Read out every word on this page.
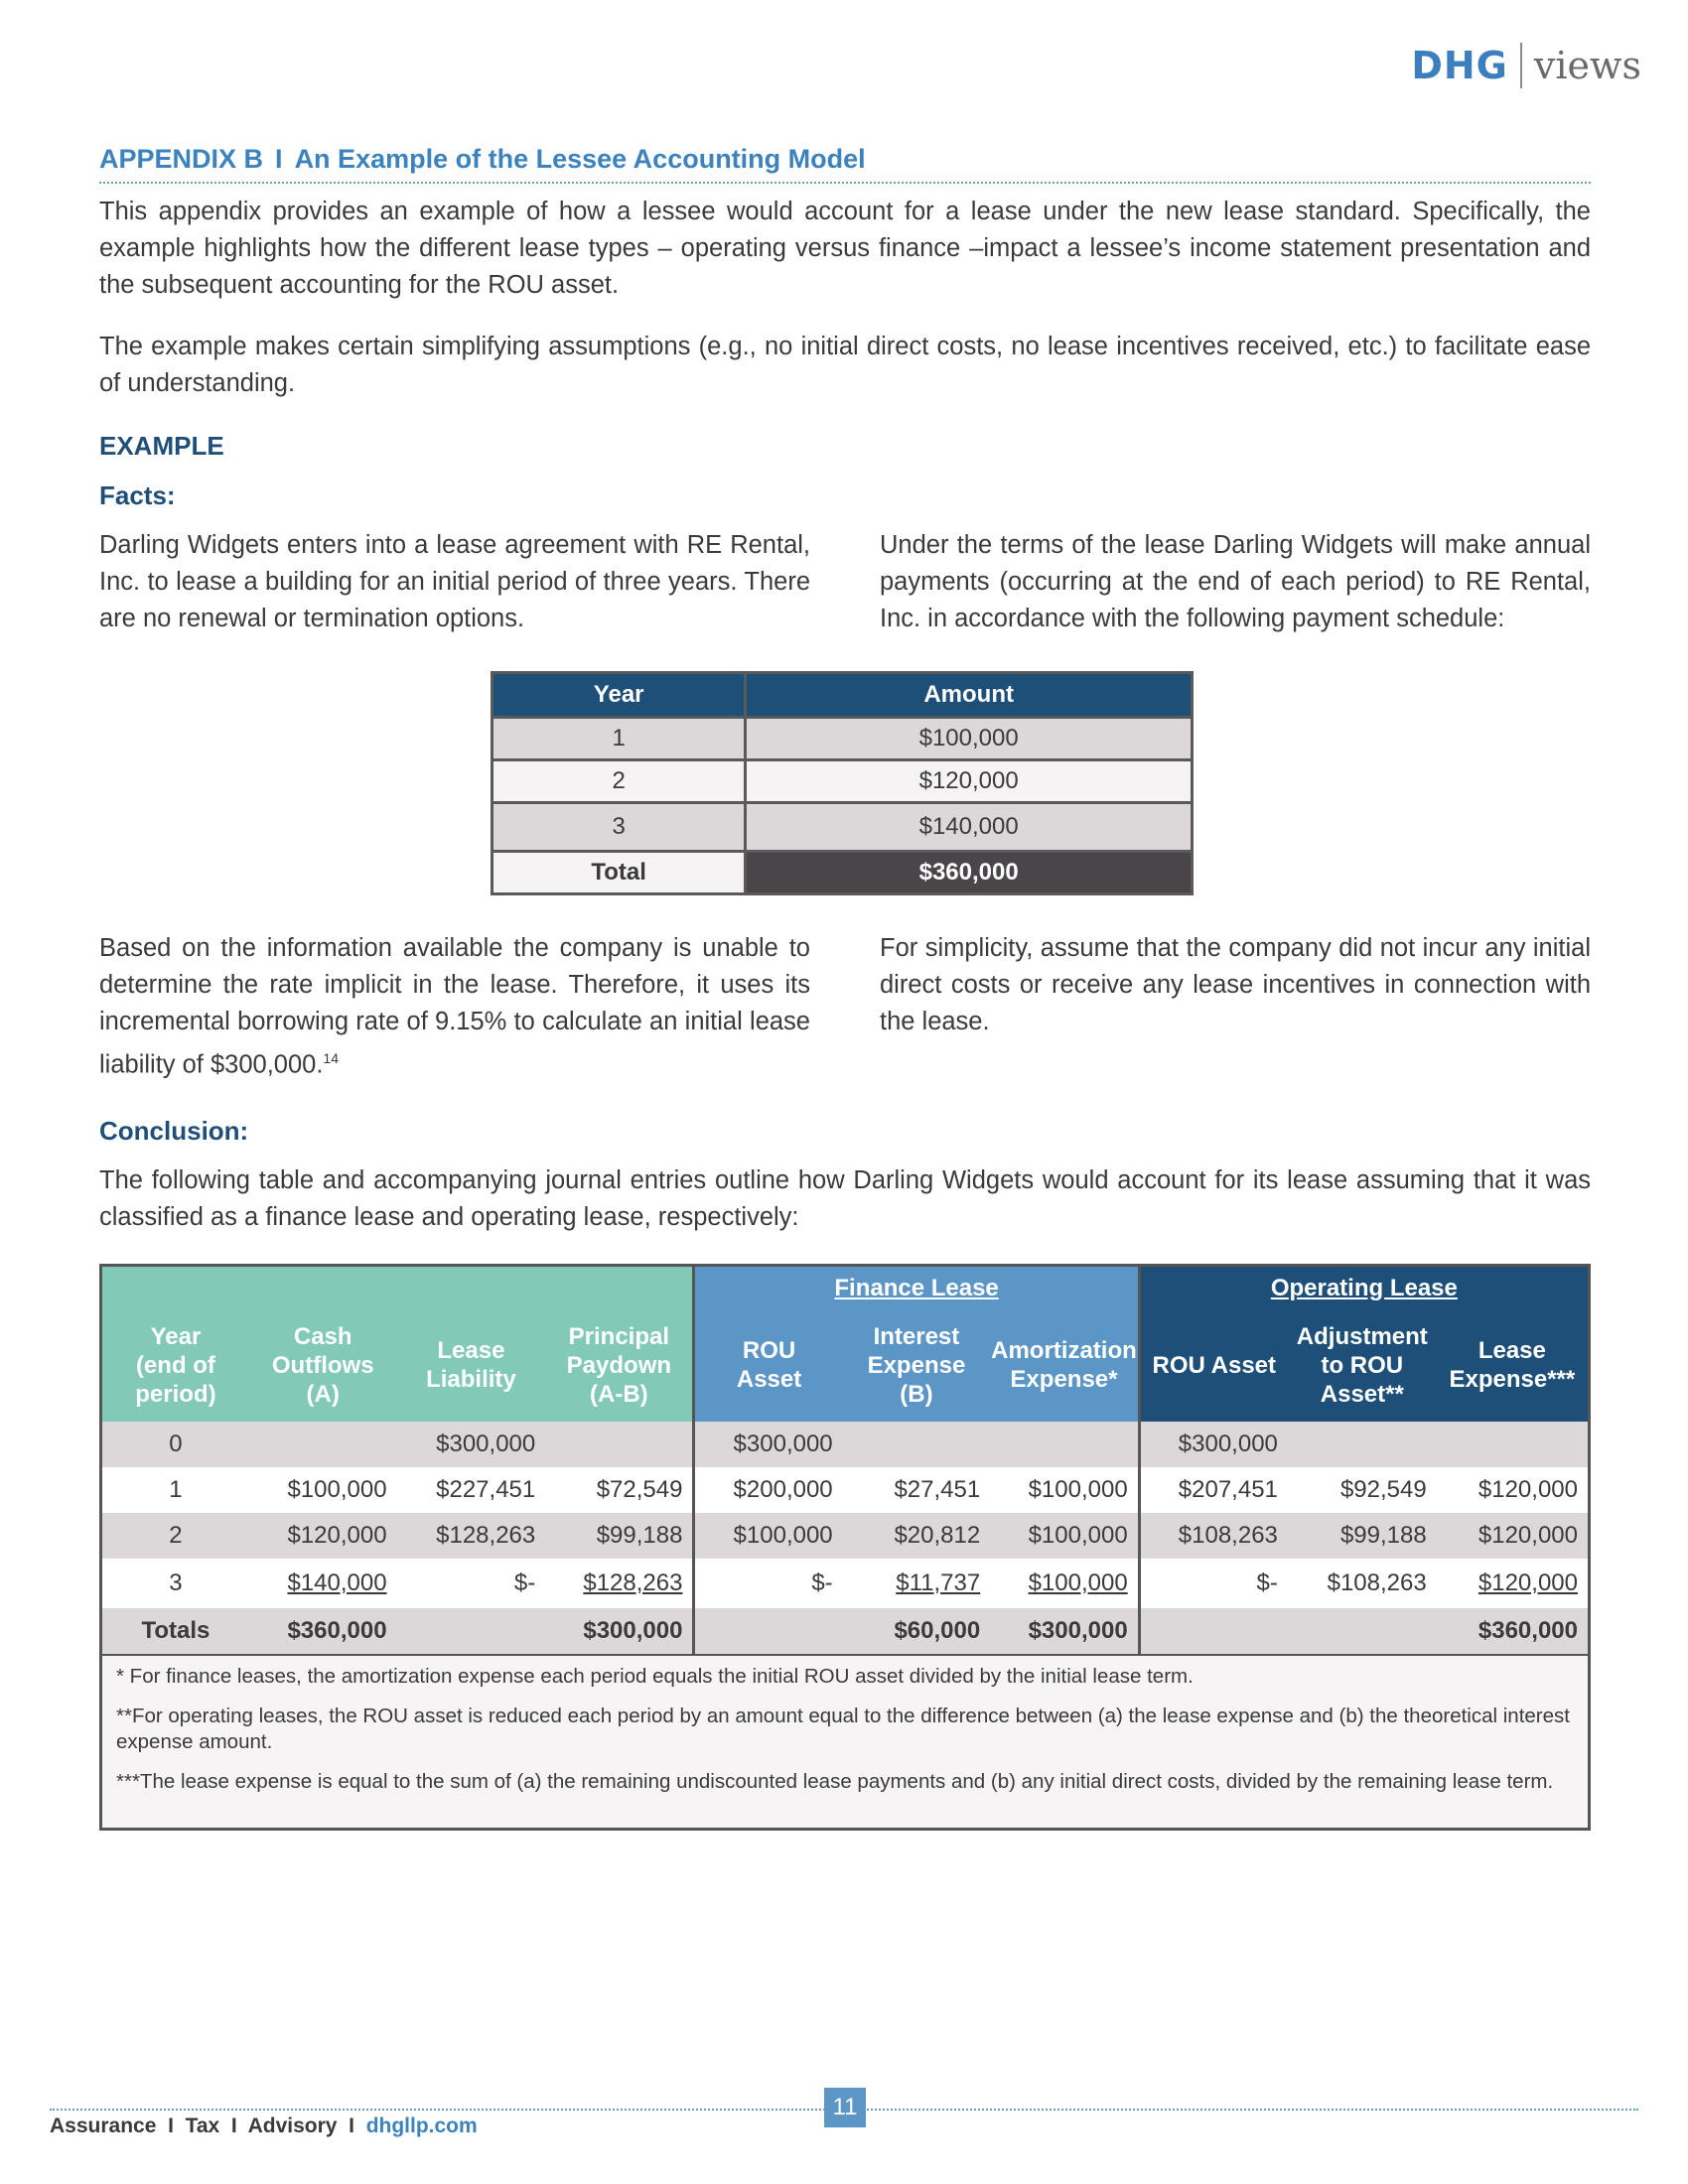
DHG views
APPENDIX B I An Example of the Lessee Accounting Model
This appendix provides an example of how a lessee would account for a lease under the new lease standard. Specifically, the example highlights how the different lease types – operating versus finance –impact a lessee’s income statement presentation and the subsequent accounting for the ROU asset.
The example makes certain simplifying assumptions (e.g., no initial direct costs, no lease incentives received, etc.) to facilitate ease of understanding.
EXAMPLE
Facts:
Darling Widgets enters into a lease agreement with RE Rental, Inc. to lease a building for an initial period of three years. There are no renewal or termination options.
Under the terms of the lease Darling Widgets will make annual payments (occurring at the end of each period) to RE Rental, Inc. in accordance with the following payment schedule:
Year	Amount
1	$100,000
2	$120,000
3	$140,000
Total	$360,000
Based on the information available the company is unable to determine the rate implicit in the lease. Therefore, it uses its incremental borrowing rate of 9.15% to calculate an initial lease liability of $300,000.14
For simplicity, assume that the company did not incur any initial direct costs or receive any lease incentives in connection with the lease.
Conclusion:
The following table and accompanying journal entries outline how Darling Widgets would account for its lease assuming that it was classified as a finance lease and operating lease, respectively:
				Finance Lease			Operating Lease		
Year
(end of
period)	Cash
Outflows
(A)	Lease
Liability	Principal
Paydown
(A-B)	ROU
Asset	Interest
Expense
(B)	Amortization
Expense*	ROU Asset	Adjustment
to ROU
Asset**	Lease
Expense***
0		$300,000		$300,000			$300,000		
1	$100,000	$227,451	$72,549	$200,000	$27,451	$100,000	$207,451	$92,549	$120,000
2	$120,000	$128,263	$99,188	$100,000	$20,812	$100,000	$108,263	$99,188	$120,000
3	$140,000	$-	$128,263	$-	$11,737	$100,000	$-	$108,263	$120,000
Totals	$360,000		$300,000		$60,000	$300,000			$360,000

* For finance leases, the amortization expense each period equals the initial ROU asset divided by the initial lease term.

**For operating leases, the ROU asset is reduced each period by an amount equal to the difference between (a) the lease expense and (b) the theoretical interest expense amount.

***The lease expense is equal to the sum of (a) the remaining undiscounted lease payments and (b) any initial direct costs, divided by the remaining lease term.

Assurance I Tax I Advisory I dhgllp.com
11
